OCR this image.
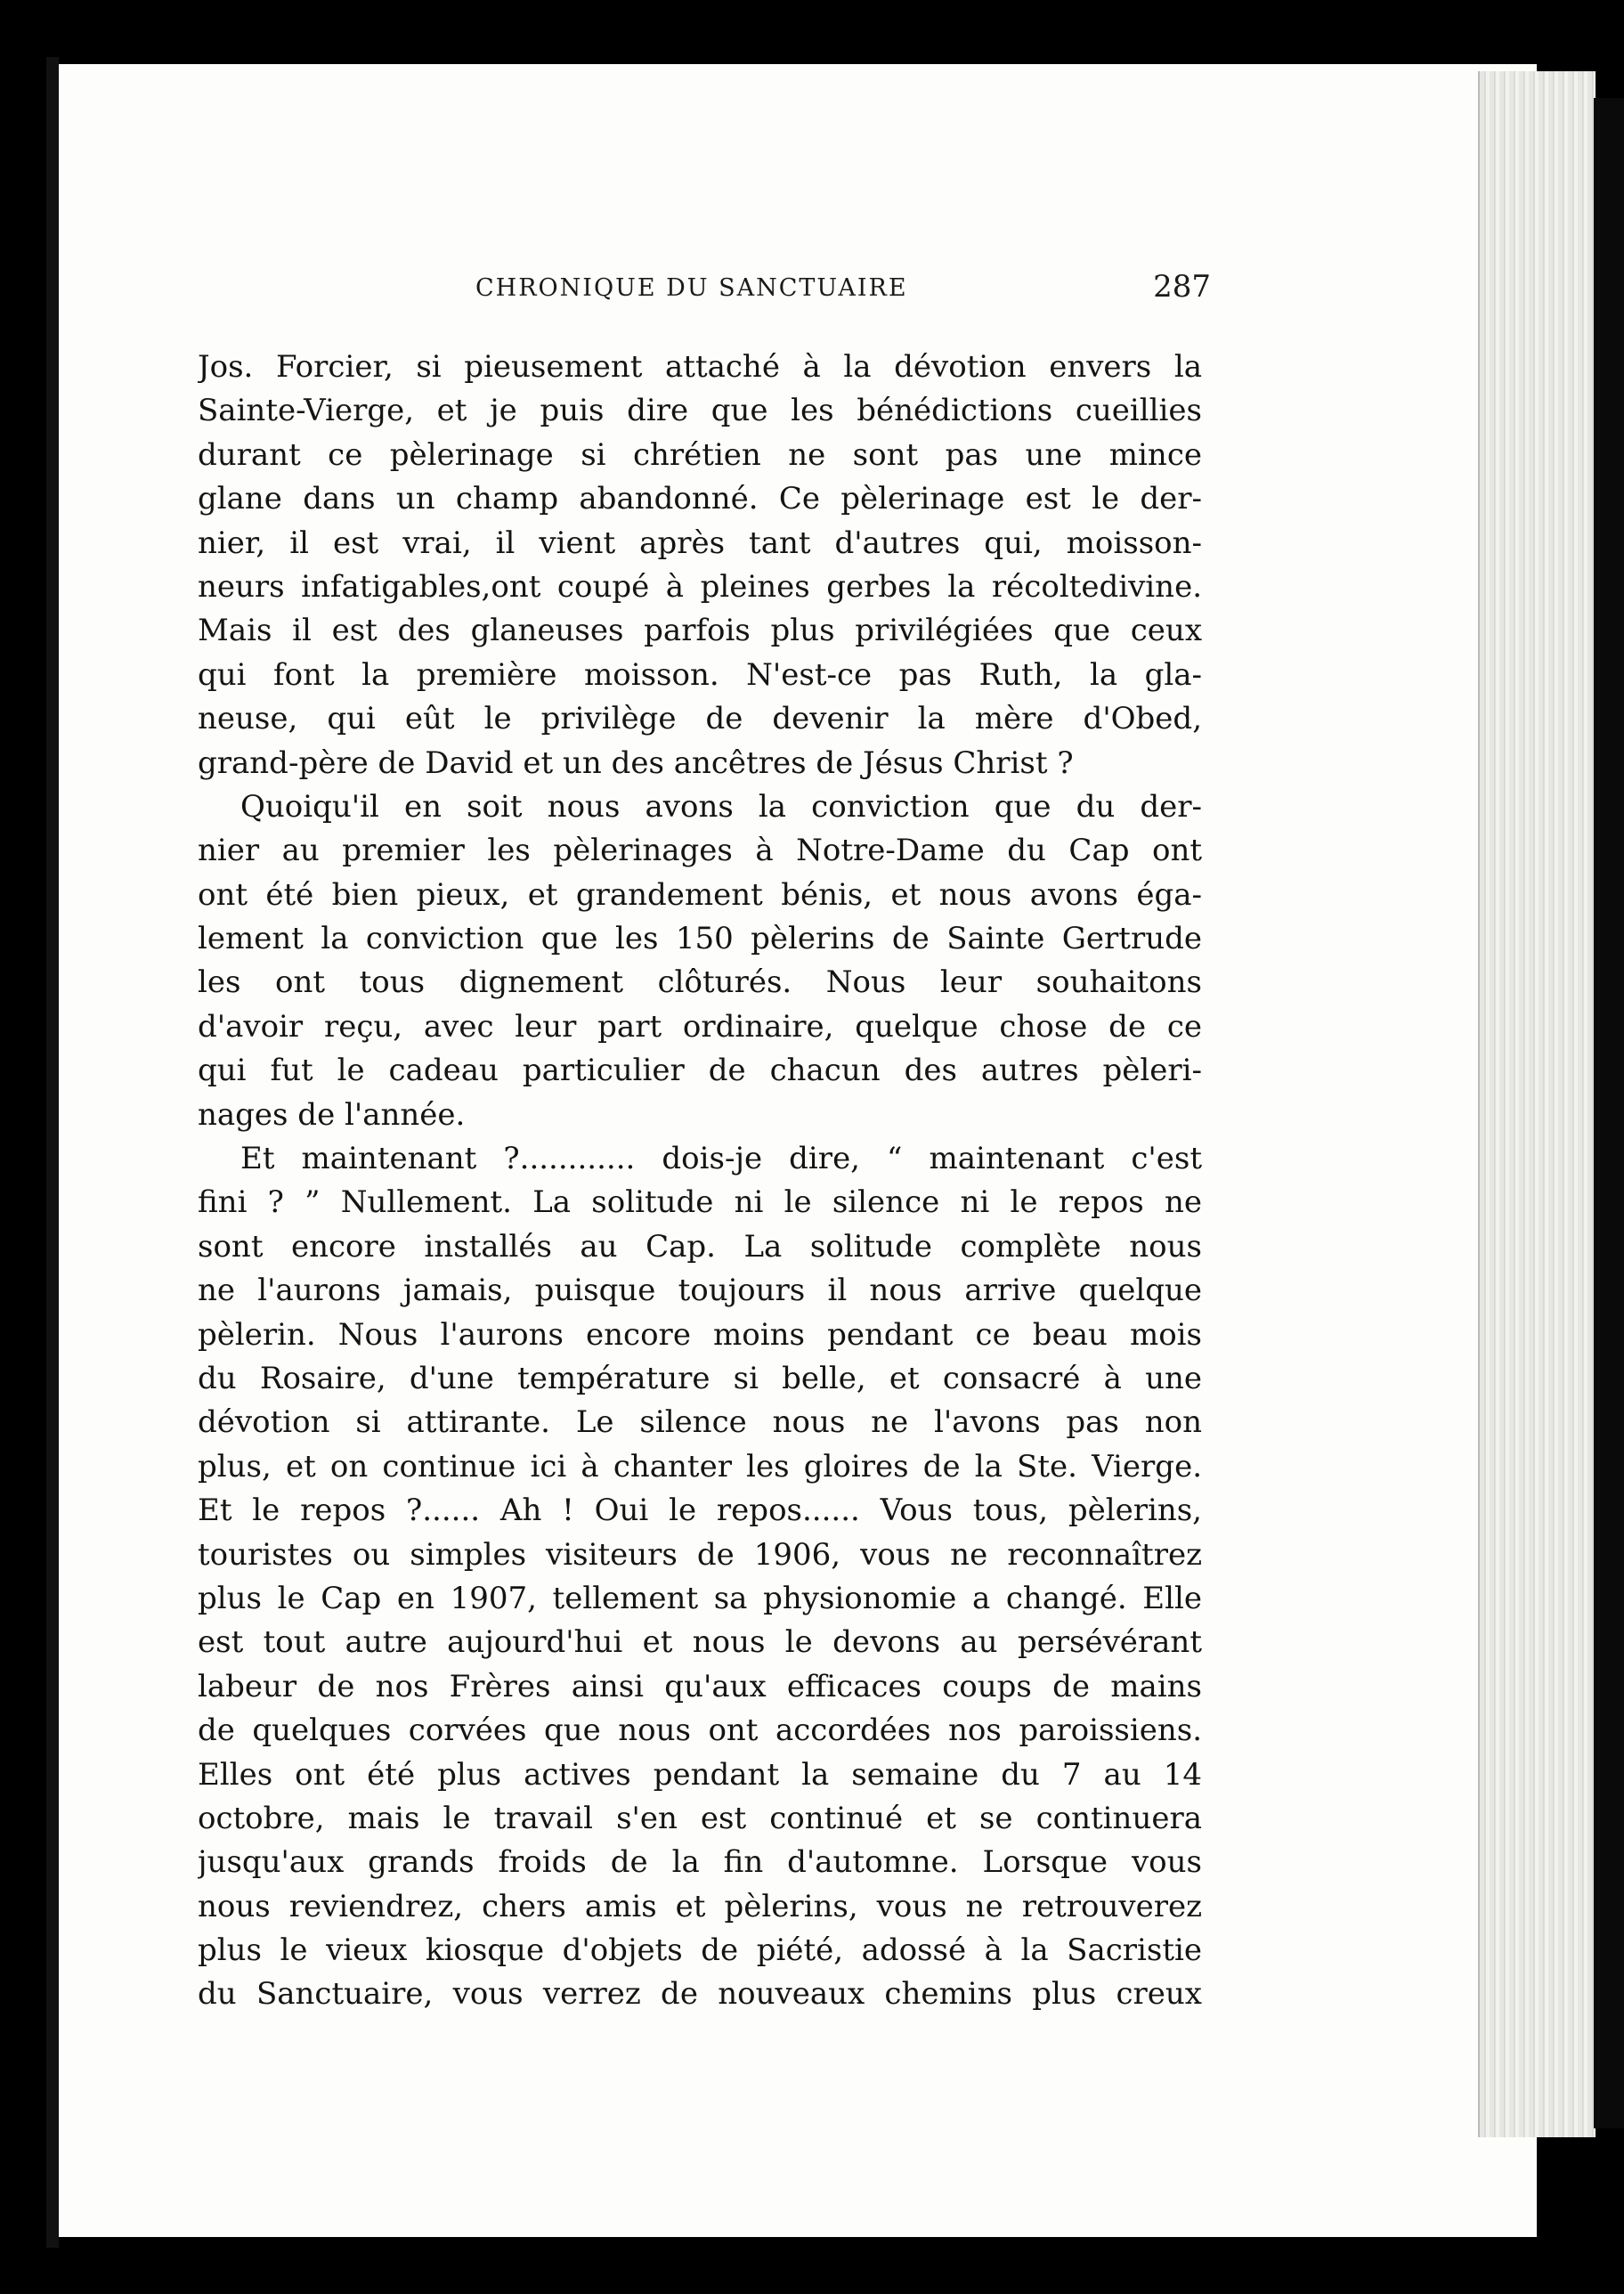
CHRONIQUE DU SANCTUAIRE	287
Jos. Forcier, si pieusement attaché à la dévotion envers la
Sainte-Vierge, et je puis dire que les bénédictions cueillies
durant ce pèlerinage si chrétien ne sont pas une mince
glane dans un champ abandonné. Ce pèlerinage est le der-
nier, il est vrai, il vient après tant d'autres qui, moisson-
neurs infatigables,ont coupé à pleines gerbes la récoltedivine.
Mais il est des glaneuses parfois plus privilégiées que ceux
qui font la première moisson. N'est-ce pas Ruth, la gla-
neuse, qui eût le privilège de devenir la mère d'Obed,
grand-père de David et un des ancêtres de Jésus Christ ?
Quoiqu'il en soit nous avons la conviction que du der-
nier au premier les pèlerinages à Notre-Dame du Cap ont
ont été bien pieux, et grandement bénis, et nous avons éga-
lement la conviction que les 150 pèlerins de Sainte Gertrude
les ont tous dignement clôturés. Nous leur souhaitons
d'avoir reçu, avec leur part ordinaire, quelque chose de ce
qui fut le cadeau particulier de chacun des autres pèleri-
nages de l'année.
Et maintenant ?............ dois-je dire, “ maintenant c'est
fini ? ” Nullement. La solitude ni le silence ni le repos ne
sont encore installés au Cap. La solitude complète nous
ne l'aurons jamais, puisque toujours il nous arrive quelque
pèlerin. Nous l'aurons encore moins pendant ce beau mois
du Rosaire, d'une température si belle, et consacré à une
dévotion si attirante. Le silence nous ne l'avons pas non
plus, et on continue ici à chanter les gloires de la Ste. Vierge.
Et le repos ?...... Ah ! Oui le repos...... Vous tous, pèlerins,
touristes ou simples visiteurs de 1906, vous ne reconnaîtrez
plus le Cap en 1907, tellement sa physionomie a changé. Elle
est tout autre aujourd'hui et nous le devons au persévérant
labeur de nos Frères ainsi qu'aux efficaces coups de mains
de quelques corvées que nous ont accordées nos paroissiens.
Elles ont été plus actives pendant la semaine du 7 au 14
octobre, mais le travail s'en est continué et se continuera
jusqu'aux grands froids de la fin d'automne. Lorsque vous
nous reviendrez, chers amis et pèlerins, vous ne retrouverez
plus le vieux kiosque d'objets de piété, adossé à la Sacristie
du Sanctuaire, vous verrez de nouveaux chemins plus creux
